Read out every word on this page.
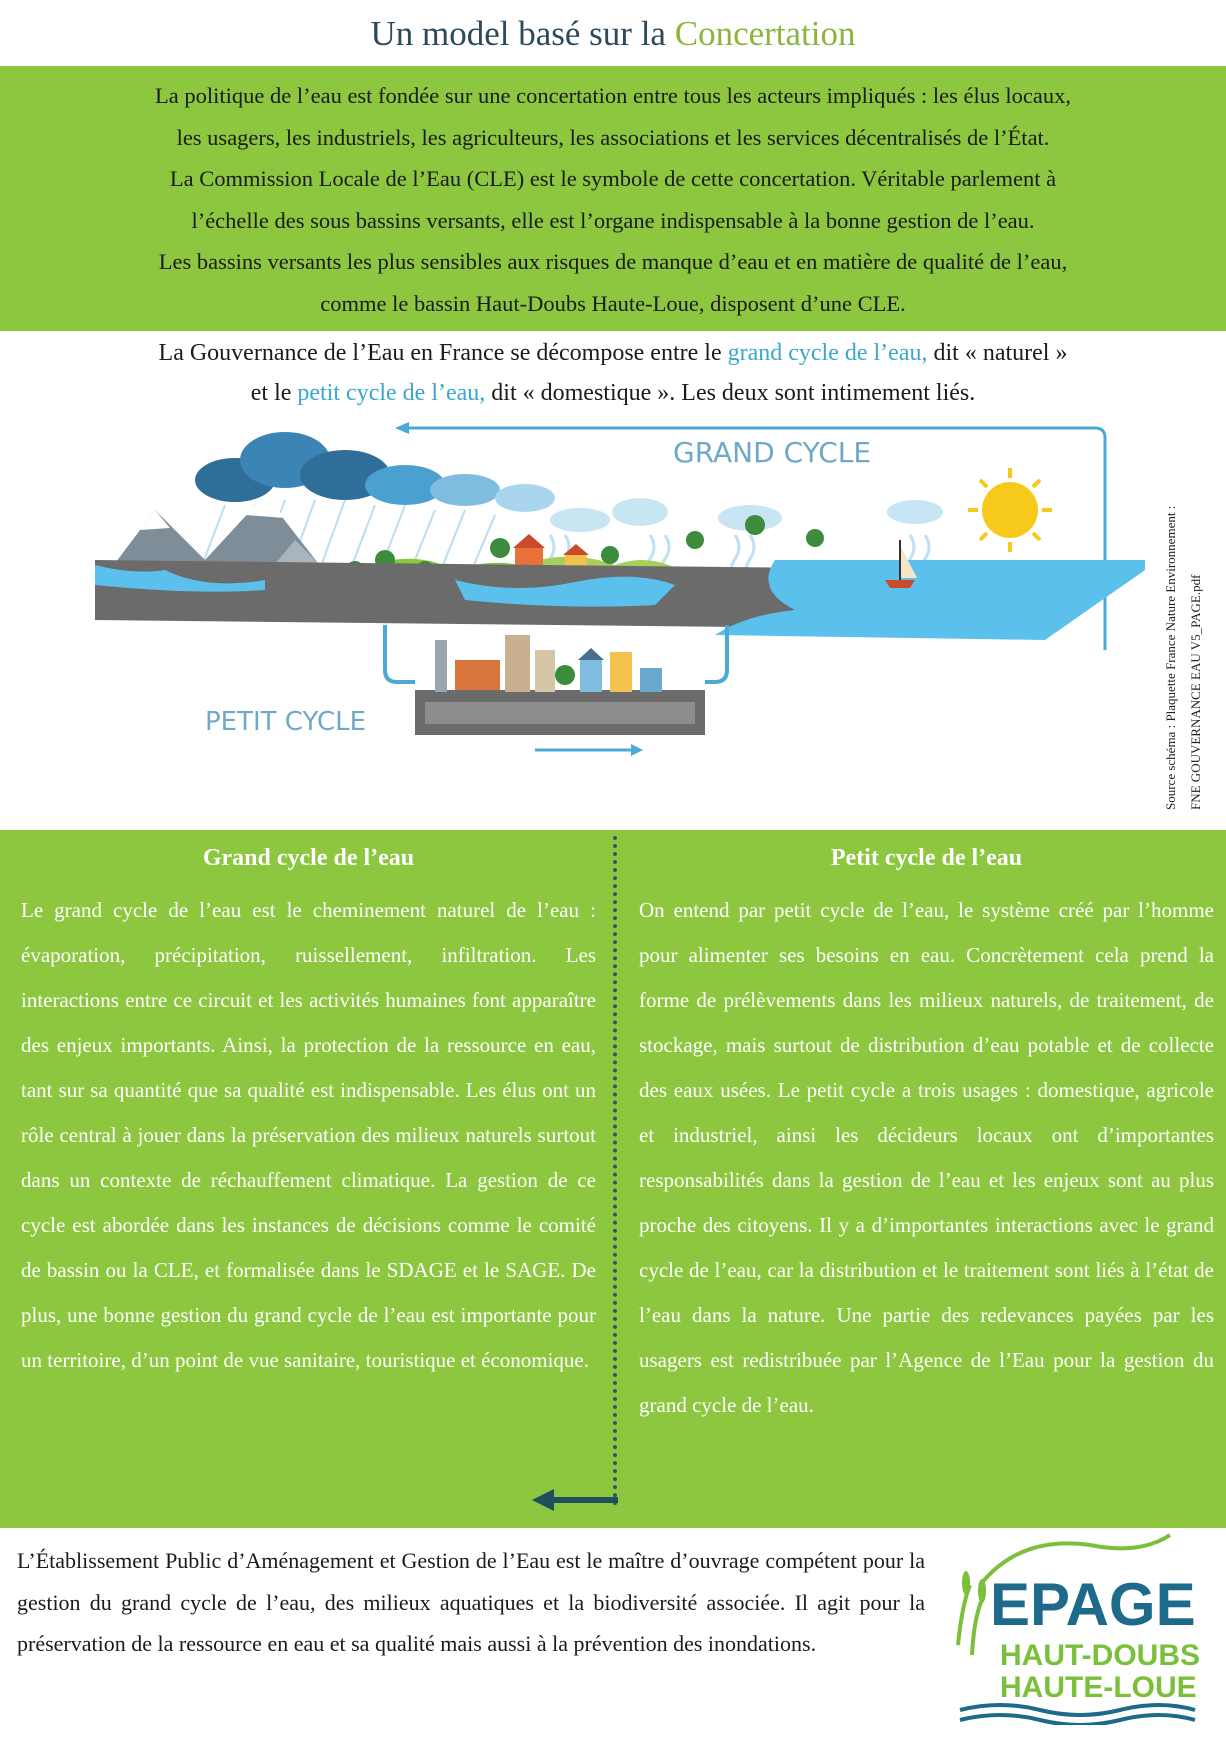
Un model basé sur la Concertation
La politique de l’eau est fondée sur une concertation entre tous les acteurs impliqués : les élus locaux,
les usagers, les industriels, les agriculteurs, les associations et les services décentralisés de l’État.
La Commission Locale de l’Eau (CLE) est le symbole de cette concertation. Véritable parlement à
l’échelle des sous bassins versants, elle est l’organe indispensable à la bonne gestion de l’eau.
Les bassins versants les plus sensibles aux risques de manque d’eau et en matière de qualité de l’eau,
comme le bassin Haut-Doubs Haute-Loue, disposent d’une CLE.
La Gouvernance de l’Eau en France se décompose entre le grand cycle de l’eau, dit « naturel »
et le petit cycle de l’eau, dit « domestique ». Les deux sont intimement liés.
GRAND CYCLE
PETIT CYCLE	Source schéma : Plaquette France Nature Environnement : FNE GOUVERNANCE EAU V5_PAGE.pdf
Grand cycle de l’eau

Le grand cycle de l’eau est le cheminement naturel de l’eau : évaporation, précipitation, ruissellement, infiltration. Les interactions entre ce circuit et les activités humaines font apparaître des enjeux importants. Ainsi, la protection de la ressource en eau, tant sur sa quantité que sa qualité est indispensable. Les élus ont un rôle central à jouer dans la préservation des milieux naturels surtout dans un contexte de réchauffement climatique. La gestion de ce cycle est abordée dans les instances de décisions comme le comité de bassin ou la CLE, et formalisée dans le SDAGE et le SAGE. De plus, une bonne gestion du grand cycle de l’eau est importante pour un territoire, d’un point de vue sanitaire, touristique et économique.

Petit cycle de l’eau

On entend par petit cycle de l’eau, le système créé par l’homme pour alimenter ses besoins en eau. Concrètement cela prend la forme de prélèvements dans les milieux naturels, de traitement, de stockage, mais surtout de distribution d’eau potable et de collecte des eaux usées. Le petit cycle a trois usages : domestique, agricole et industriel, ainsi les décideurs locaux ont d’importantes responsabilités dans la gestion de l’eau et les enjeux sont au plus proche des citoyens. Il y a d’importantes interactions avec le grand cycle de l’eau, car la distribution et le traitement sont liés à l’état de l’eau dans la nature. Une partie des redevances payées par les usagers est redistribuée par l’Agence de l’Eau pour la gestion du grand cycle de l’eau.

L’Établissement Public d’Aménagement et Gestion de l’Eau est le maître d’ouvrage compétent pour la gestion du grand cycle de l’eau, des milieux aquatiques et la biodiversité associée. Il agit pour la préservation de la ressource en eau et sa qualité mais aussi à la prévention des inondations.
EPAGE
HAUT-DOUBS
HAUTE-LOUE
